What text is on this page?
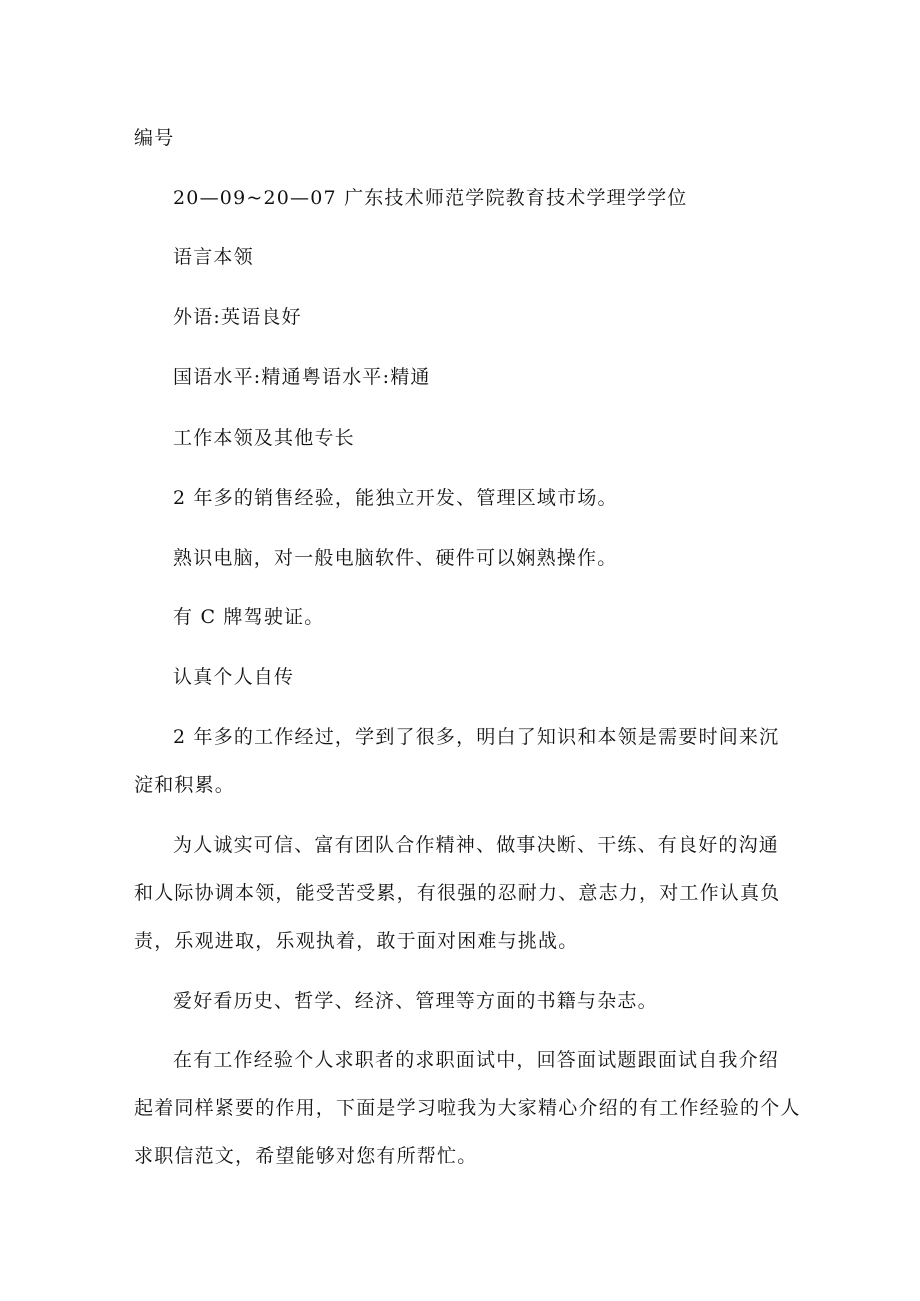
编号
20—09~20—07 广东技术师范学院教育技术学理学学位
语言本领
外语:英语良好
国语水平:精通粤语水平:精通
工作本领及其他专长
2 年多的销售经验，能独立开发、管理区域市场。
熟识电脑，对一般电脑软件、硬件可以娴熟操作。
有 C 牌驾驶证。
认真个人自传
2 年多的工作经过，学到了很多，明白了知识和本领是需要时间来沉
淀和积累。
为人诚实可信、富有团队合作精神、做事决断、干练、有良好的沟通
和人际协调本领，能受苦受累，有很强的忍耐力、意志力，对工作认真负
责，乐观进取，乐观执着，敢于面对困难与挑战。
爱好看历史、哲学、经济、管理等方面的书籍与杂志。
在有工作经验个人求职者的求职面试中，回答面试题跟面试自我介绍
起着同样紧要的作用，下面是学习啦我为大家精心介绍的有工作经验的个人
求职信范文，希望能够对您有所帮忙。
